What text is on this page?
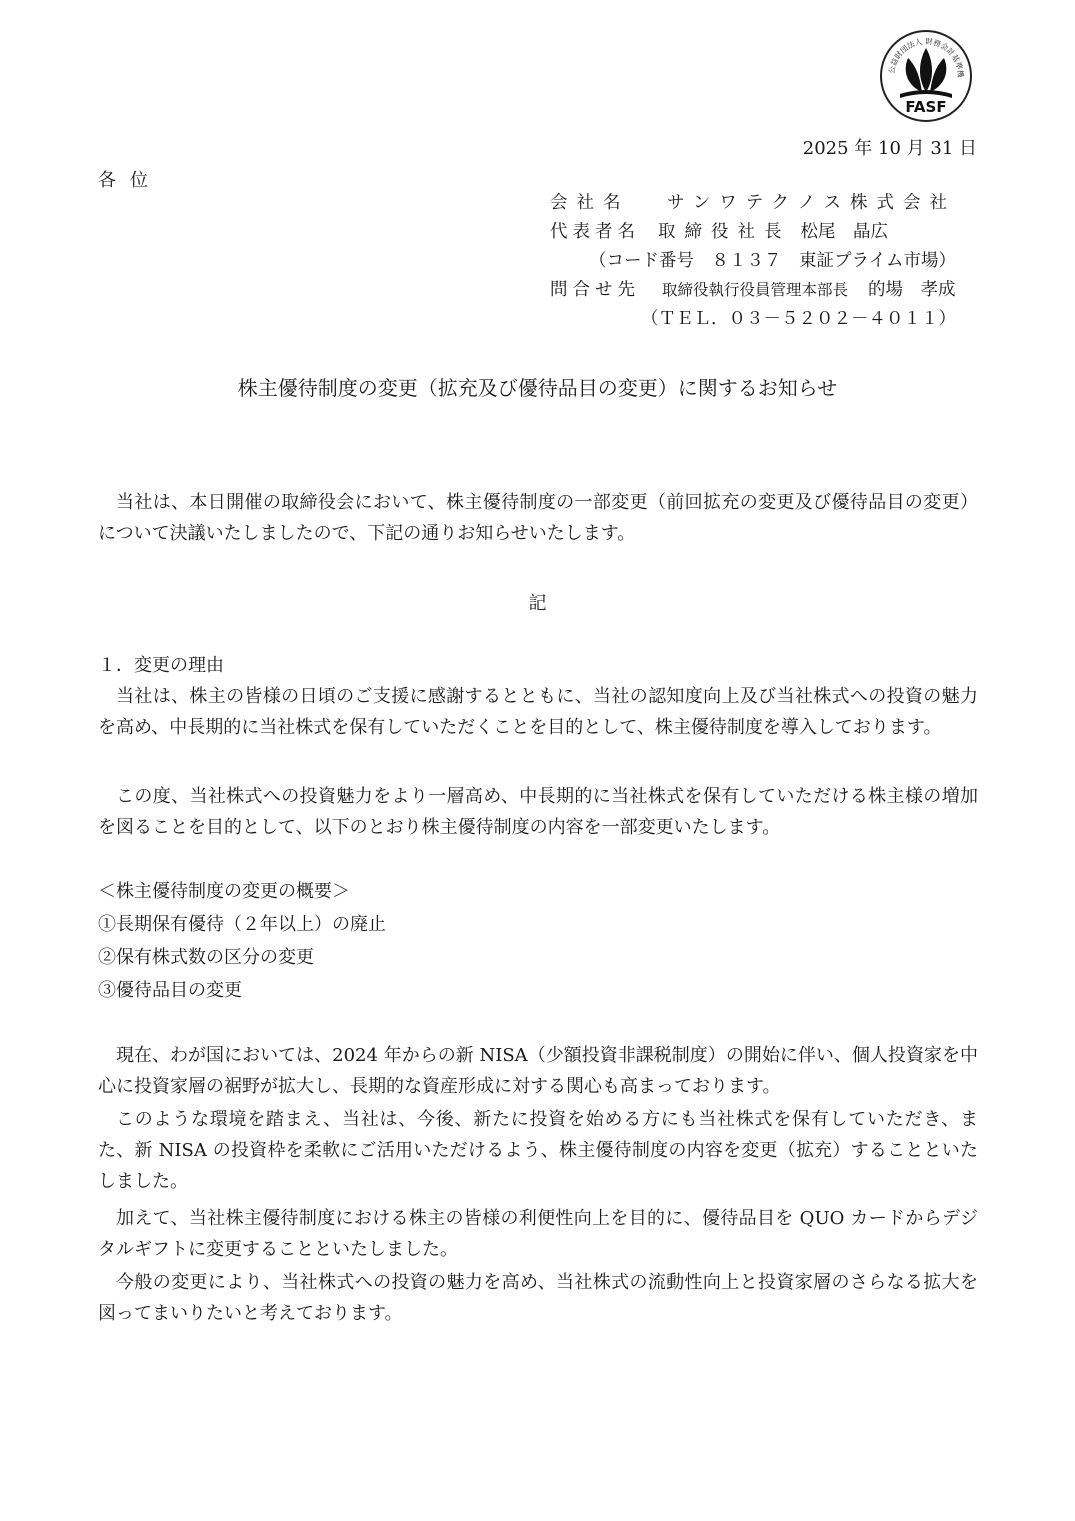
公益財団法人 財務会計基準機
FASF
2025 年 10 月 31 日
各位
会社名	サンワテクノス株式会社
代表者名	取締役社長 松尾　晶広
（コード番号　８１３７　東証プライム市場）
問合せ先	取締役執行役員管理本部長 的場　孝成
（ＴＥＬ．０３－５２０２－４０１１）
株主優待制度の変更（拡充及び優待品目の変更）に関するお知らせ

当社は、本日開催の取締役会において、株主優待制度の一部変更（前回拡充の変更及び優待品目の変更）について決議いたしましたので、下記の通りお知らせいたします。

記
１．変更の理由

当社は、株主の皆様の日頃のご支援に感謝するとともに、当社の認知度向上及び当社株式への投資の魅力を高め、中長期的に当社株式を保有していただくことを目的として、株主優待制度を導入しております。

この度、当社株式への投資魅力をより一層高め、中長期的に当社株式を保有していただける株主様の増加を図ることを目的として、以下のとおり株主優待制度の内容を一部変更いたします。

＜株主優待制度の変更の概要＞
①長期保有優待（２年以上）の廃止
②保有株式数の区分の変更
③優待品目の変更

現在、わが国においては、2024 年からの新 NISA（少額投資非課税制度）の開始に伴い、個人投資家を中心に投資家層の裾野が拡大し、長期的な資産形成に対する関心も高まっております。

このような環境を踏まえ、当社は、今後、新たに投資を始める方にも当社株式を保有していただき、また、新 NISA の投資枠を柔軟にご活用いただけるよう、株主優待制度の内容を変更（拡充）することといたしました。

加えて、当社株主優待制度における株主の皆様の利便性向上を目的に、優待品目を QUO カードからデジタルギフトに変更することといたしました。

今般の変更により、当社株式への投資の魅力を高め、当社株式の流動性向上と投資家層のさらなる拡大を図ってまいりたいと考えております。
